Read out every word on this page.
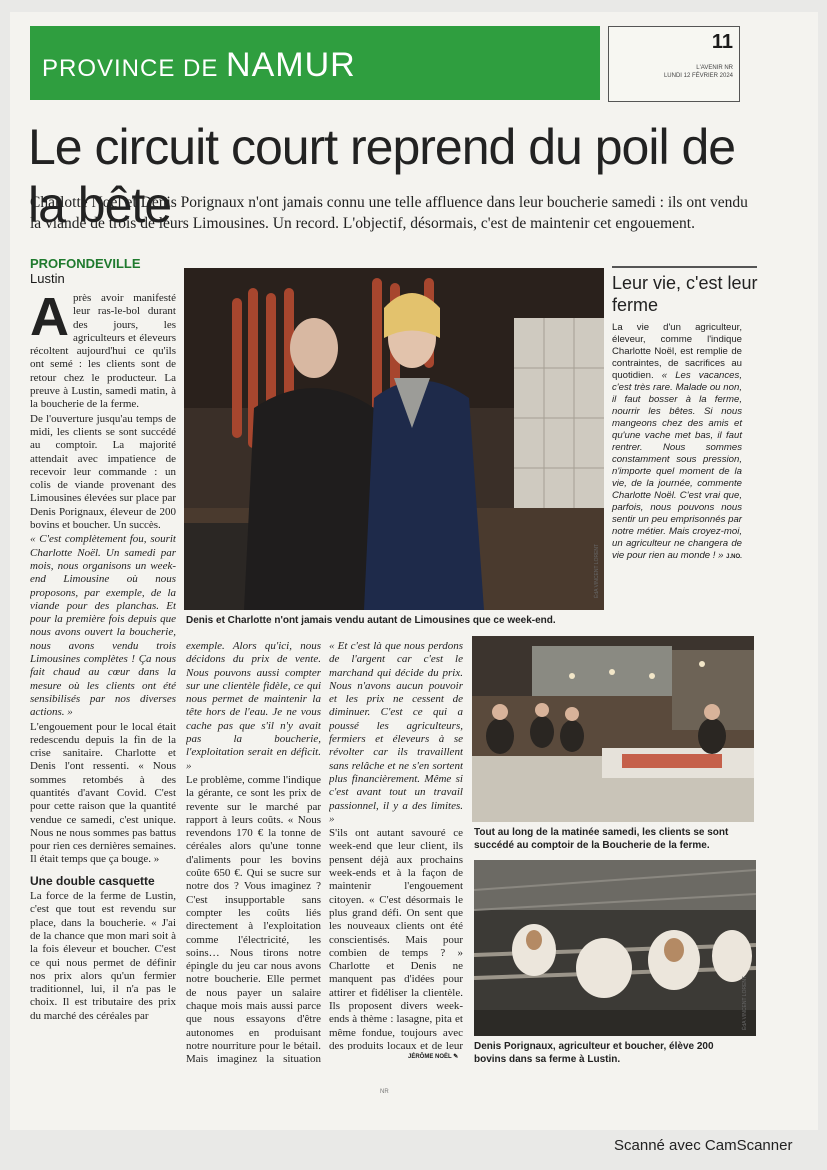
PROVINCE DE NAMUR
11
L'AVENIR NR
LUNDI 12 FÉVRIER 2024
Le circuit court reprend du poil de la bête
Charlotte Noël et Denis Porignaux n'ont jamais connu une telle affluence dans leur boucherie samedi : ils ont vendu la viande de trois de leurs Limousines. Un record. L'objectif, désormais, c'est de maintenir cet engouement.
PROFONDEVILLE
Lustin

Après avoir manifesté leur ras-le-bol durant des jours, les agriculteurs et éleveurs récoltent aujourd'hui ce qu'ils ont semé : les clients sont de retour chez le producteur. La preuve à Lustin, samedi matin, à la boucherie de la ferme.

De l'ouverture jusqu'au temps de midi, les clients se sont succédé au comptoir. La majorité attendait avec impatience de recevoir leur commande : un colis de viande provenant des Limousines élevées sur place par Denis Porignaux, éleveur de 200 bovins et boucher. Un succès.

« C'est complètement fou, sourit Charlotte Noël. Un samedi par mois, nous organisons un week-end Limousine où nous proposons, par exemple, de la viande pour des planchas. Et pour la première fois depuis que nous avons ouvert la boucherie, nous avons vendu trois Limousines complètes ! Ça nous fait chaud au cœur dans la mesure où les clients ont été sensibilisés par nos diverses actions. »

L'engouement pour le local était redescendu depuis la fin de la crise sanitaire. Charlotte et Denis l'ont ressenti. « Nous sommes retombés à des quantités d'avant Covid. C'est pour cette raison que la quantité vendue ce samedi, c'est unique. Nous ne nous sommes pas battus pour rien ces dernières semaines. Il était temps que ça bouge. »

Une double casquette

La force de la ferme de Lustin, c'est que tout est revendu sur place, dans la boucherie. « J'ai de la chance que mon mari soit à la fois éleveur et boucher. C'est ce qui nous permet de définir nos prix alors qu'un fermier traditionnel, lui, il n'a pas le choix. Il est tributaire des prix du marché des céréales par

ÉdA VINCENT LORENT
Denis et Charlotte n'ont jamais vendu autant de Limousines que ce week-end.
Leur vie, c'est leur ferme
La vie d'un agriculteur, éleveur, comme l'indique Charlotte Noël, est remplie de contraintes, de sacrifices au quotidien. « Les vacances, c'est très rare. Malade ou non, il faut bosser à la ferme, nourrir les bêtes. Si nous mangeons chez des amis et qu'une vache met bas, il faut rentrer. Nous sommes constamment sous pression, n'importe quel moment de la vie, de la journée, commente Charlotte Noël. C'est vrai que, parfois, nous pouvons nous sentir un peu emprisonnés par notre métier. Mais croyez-moi, un agriculteur ne changera de vie pour rien au monde ! » J.NO.

exemple. Alors qu'ici, nous décidons du prix de vente. Nous pouvons aussi compter sur une clientèle fidèle, ce qui nous permet de maintenir la tête hors de l'eau. Je ne vous cache pas que s'il n'y avait pas la boucherie, l'exploitation serait en déficit. »

Le problème, comme l'indique la gérante, ce sont les prix de revente sur le marché par rapport à leurs coûts. « Nous revendons 170 € la tonne de céréales alors qu'une tonne d'aliments pour les bovins coûte 650 €. Qui se sucre sur notre dos ? Vous imaginez ? C'est insupportable sans compter les coûts liés directement à l'exploitation comme l'électricité, les soins… Nous tirons notre épingle du jeu car nous avons notre boucherie. Elle permet de nous payer un salaire chaque mois mais aussi parce que nous essayons d'être autonomes en produisant notre nourriture pour le bétail. Mais imaginez la situation

« Et c'est là que nous perdons de l'argent car c'est le marchand qui décide du prix. Nous n'avons aucun pouvoir et les prix ne cessent de diminuer. C'est ce qui a poussé les agriculteurs, fermiers et éleveurs à se révolter car ils travaillent sans relâche et ne s'en sortent plus financièrement. Même si c'est avant tout un travail passionnel, il y a des limites. »

S'ils ont autant savouré ce week-end que leur client, ils pensent déjà aux prochains week-ends et à la façon de maintenir l'engouement citoyen. « C'est désormais le plus grand défi. On sent que les nouveaux clients ont été conscientisés. Mais pour combien de temps ? » Charlotte et Denis ne manquent pas d'idées pour attirer et fidéliser la clientèle. Ils proposent divers week-ends à thème : lasagne, pita et même fondue, toujours avec des produits locaux et de leur

JÉRÔME NOËL ✎
Tout au long de la matinée samedi, les clients se sont succédé au comptoir de la Boucherie de la ferme.
ÉdA VINCENT LORENT
Denis Porignaux, agriculteur et boucher, élève 200 bovins dans sa ferme à Lustin.
NR
Scanné avec CamScanner
